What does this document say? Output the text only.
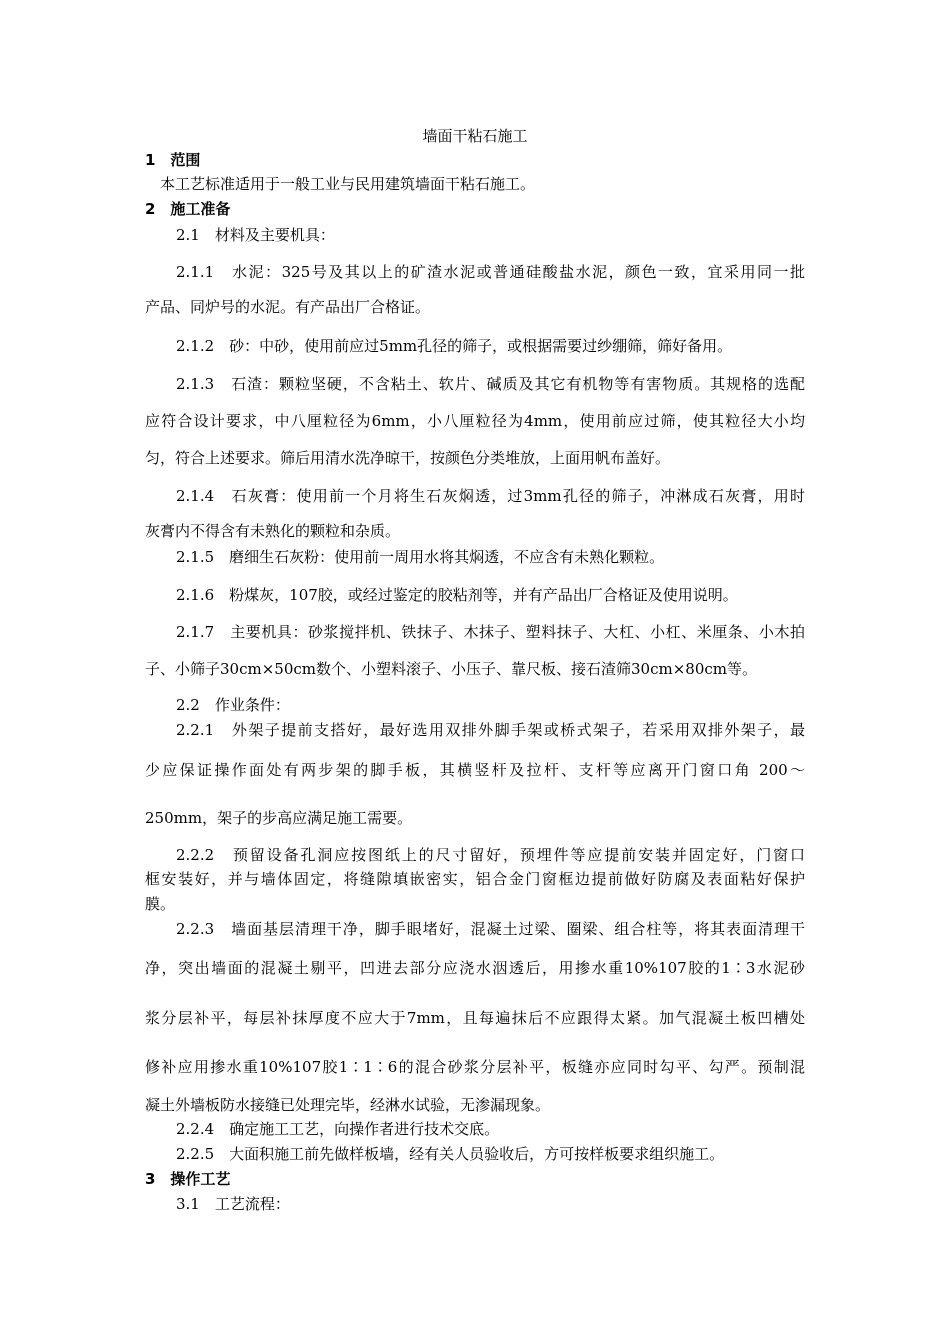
墙面干粘石施工
1　范围
本工艺标准适用于一般工业与民用建筑墙面干粘石施工。
2　施工准备
2.1　材料及主要机具：
2.1.1　水泥：325号及其以上的矿渣水泥或普通硅酸盐水泥，颜色一致，宜采用同一批
产品、同炉号的水泥。有产品出厂合格证。
2.1.2　砂：中砂，使用前应过5mm孔径的筛子，或根据需要过纱绷筛，筛好备用。
2.1.3　石渣：颗粒坚硬，不含粘土、软片、碱质及其它有机物等有害物质。其规格的选配
应符合设计要求，中八厘粒径为6mm，小八厘粒径为4mm，使用前应过筛，使其粒径大小均
匀，符合上述要求。筛后用清水洗净晾干，按颜色分类堆放，上面用帆布盖好。
2.1.4　石灰膏：使用前一个月将生石灰焖透，过3mm孔径的筛子，冲淋成石灰膏，用时
灰膏内不得含有未熟化的颗粒和杂质。
2.1.5　磨细生石灰粉：使用前一周用水将其焖透，不应含有未熟化颗粒。
2.1.6　粉煤灰，107胶，或经过鉴定的胶粘剂等，并有产品出厂合格证及使用说明。
2.1.7　主要机具：砂浆搅拌机、铁抹子、木抹子、塑料抹子、大杠、小杠、米厘条、小木拍
子、小筛子30cm×50cm数个、小塑料滚子、小压子、靠尺板、接石渣筛30cm×80cm等。
2.2　作业条件：
2.2.1　外架子提前支搭好，最好选用双排外脚手架或桥式架子，若采用双排外架子，最
少应保证操作面处有两步架的脚手板，其横竖杆及拉杆、支杆等应离开门窗口角 200～
250mm，架子的步高应满足施工需要。
2.2.2　预留设备孔洞应按图纸上的尺寸留好，预埋件等应提前安装并固定好，门窗口
框安装好，并与墙体固定，将缝隙填嵌密实，铝合金门窗框边提前做好防腐及表面粘好保护
膜。
2.2.3　墙面基层清理干净，脚手眼堵好，混凝土过梁、圈梁、组合柱等，将其表面清理干
净，突出墙面的混凝土剔平，凹进去部分应浇水洇透后，用掺水重10%107胶的1∶3水泥砂
浆分层补平，每层补抹厚度不应大于7mm，且每遍抹后不应跟得太紧。加气混凝土板凹槽处
修补应用掺水重10%107胶1∶1∶6的混合砂浆分层补平，板缝亦应同时勾平、勾严。预制混
凝土外墙板防水接缝已处理完毕，经淋水试验，无渗漏现象。
2.2.4　确定施工工艺，向操作者进行技术交底。
2.2.5　大面积施工前先做样板墙，经有关人员验收后，方可按样板要求组织施工。
3　操作工艺
3.1　工艺流程：
